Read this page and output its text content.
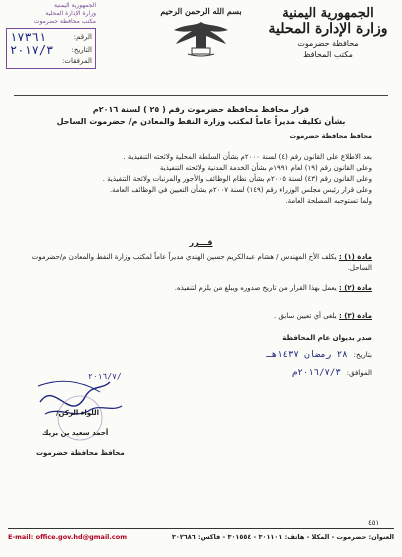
الجمهورية اليمنية
وزارة الإدارة المحلية
محافظة حضرموت
مكتب المحافظ
بسم الله الرحمن الرحيم
الجمهورية اليمنية
وزارة الإدارة المحلية
مكتب محافظة حضرموت
الرقم:
١٧٣٦١
التاريخ:
٢٠١٧/٣
المرفقات:
قرار محافظ محافظة حضرموت رقم ( ٢٥ ) لسنة ٢٠١٦م
بشأن تكليف مديراً عاماً لمكتب وزارة النفط والمعادن م/ حضرموت الساحل
محافظ محافظة حضرموت
بعد الاطلاع على القانون رقم (٤) لسنة ٢٠٠٠م بشأن السلطة المحلية ولائحته التنفيذية .
وعلى القانون رقم (١٩) لعام ١٩٩١م بشأن الخدمة المدنية ولائحته التنفيذية
وعلى القانون رقم (٤٣) لسنة ٢٠٠٥م بشأن نظام الوظائف والأجور والمرتبات ولائحة التنفيذية .
وعلى قرار رئيس مجلس الوزراء رقم (١٤٩) لسنة ٢٠٠٧م بشأن التعيين في الوظائف العامة.
ولما تستوجبه المصلحة العامة.
قـــرر
مادة (١) : يكلف الأخ المهندس / هشام عبدالكريم حسين الهندي مديراً عاماً لمكتب وزارة النفط والمعادن م/حضرموت الساحل.
مادة (٢) : يعمل بهذا القرار من تاريخ صدوره ويبلغ من يلزم لتنفيذه.
مادة (٣) : يلغى أي تعيين سابق .
صدر بديوان عام المحافظة
بتاريخ:
٢٨ رمضان ١٤٣٧هـ
الموافق:
٢٠١٦/٧/٣م
٢٠١٦/٧/
اللواء الركن/
أحمد سعيد بن بريك
محافظ محافظة حضرموت
٤٥١
العنوان: حضرموت - المكلا - هاتف: ٣٠١١٠١ - ٣٠١٥٥٤ - فاكس: ٣٠٢٦٨٦
E-mail: office.gov.hd@gmail.com
